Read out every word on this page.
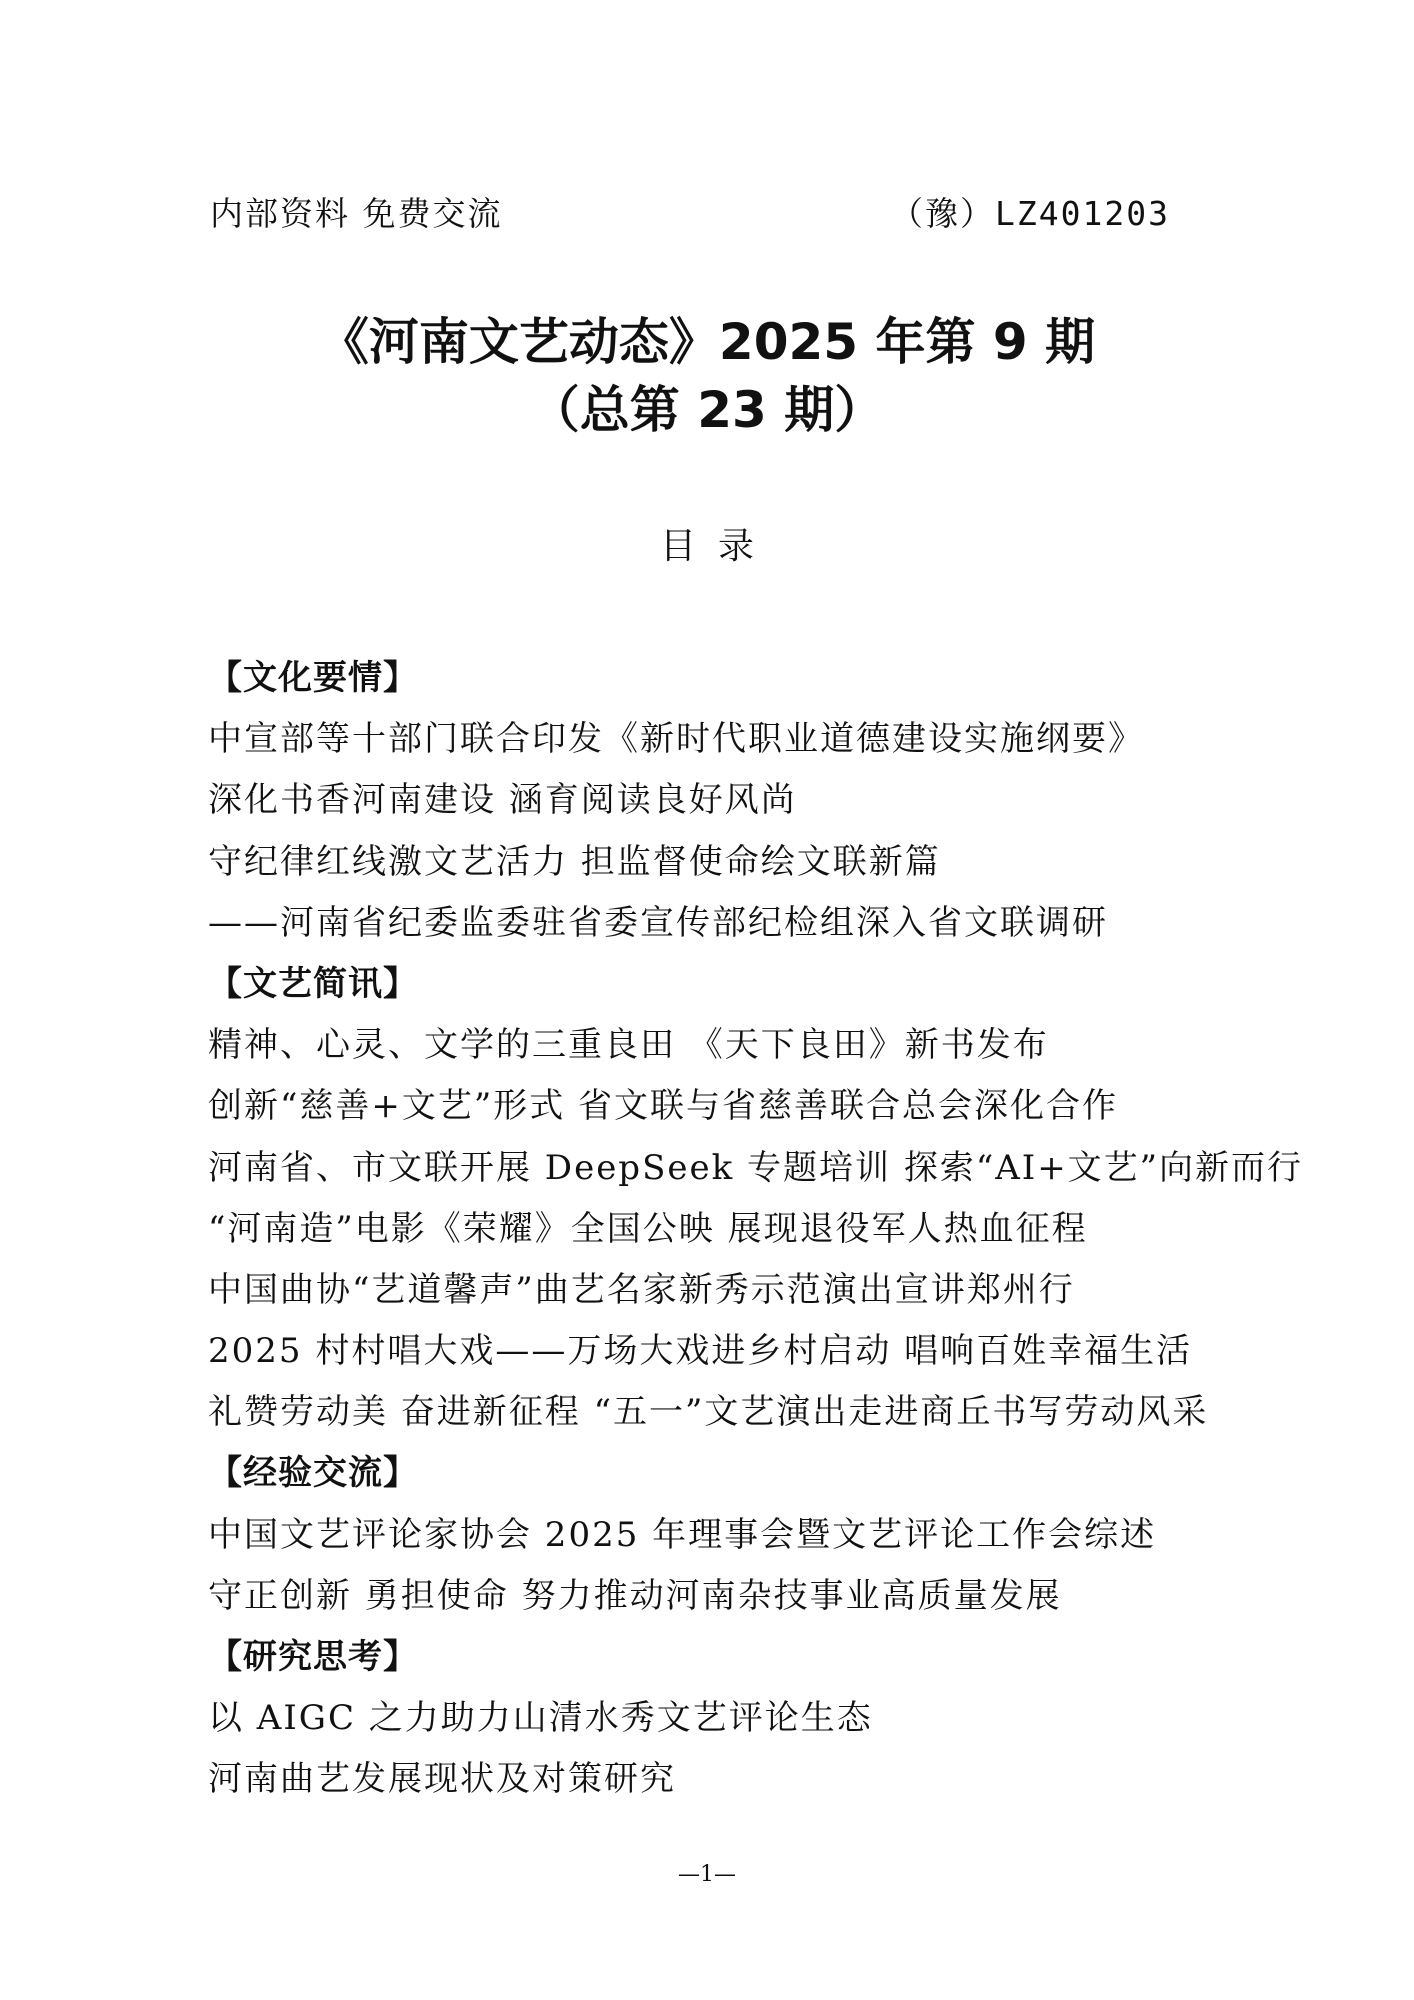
内部资料 免费交流	（豫）LZ401203
《河南文艺动态》2025 年第 9 期
（总第 23 期）
目录
【文化要情】
中宣部等十部门联合印发《新时代职业道德建设实施纲要》
深化书香河南建设 涵育阅读良好风尚
守纪律红线激文艺活力 担监督使命绘文联新篇
——河南省纪委监委驻省委宣传部纪检组深入省文联调研
【文艺简讯】
精神、心灵、文学的三重良田 《天下良田》新书发布
创新“慈善+文艺”形式 省文联与省慈善联合总会深化合作
河南省、市文联开展 DeepSeek 专题培训 探索“AI+文艺”向新而行
“河南造”电影《荣耀》全国公映 展现退役军人热血征程
中国曲协“艺道馨声”曲艺名家新秀示范演出宣讲郑州行
2025 村村唱大戏——万场大戏进乡村启动 唱响百姓幸福生活
礼赞劳动美 奋进新征程 “五一”文艺演出走进商丘书写劳动风采
【经验交流】
中国文艺评论家协会 2025 年理事会暨文艺评论工作会综述
守正创新 勇担使命 努力推动河南杂技事业高质量发展
【研究思考】
以 AIGC 之力助力山清水秀文艺评论生态
河南曲艺发展现状及对策研究
—1—
